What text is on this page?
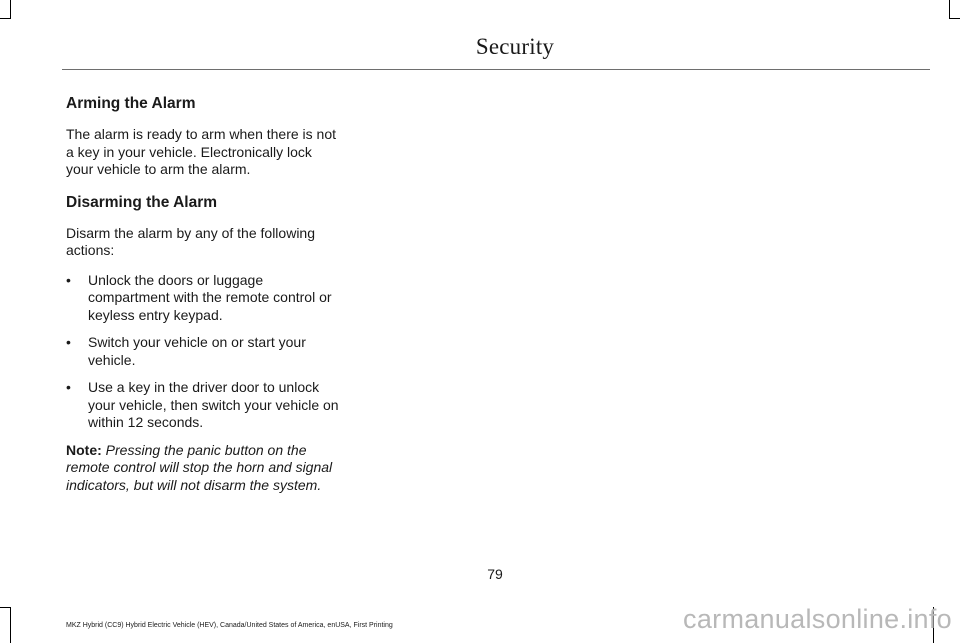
Security
Arming the Alarm

The alarm is ready to arm when there is not a key in your vehicle. Electronically lock your vehicle to arm the alarm.

Disarming the Alarm

Disarm the alarm by any of the following actions:

• Unlock the doors or luggage compartment with the remote control or keyless entry keypad.
• Switch your vehicle on or start your vehicle.
• Use a key in the driver door to unlock your vehicle, then switch your vehicle on within 12 seconds.

Note: Pressing the panic button on the remote control will stop the horn and signal indicators, but will not disarm the system.

79
MKZ Hybrid (CC9) Hybrid Electric Vehicle (HEV), Canada/United States of America, enUSA, First Printing	carmanualsonline.info
